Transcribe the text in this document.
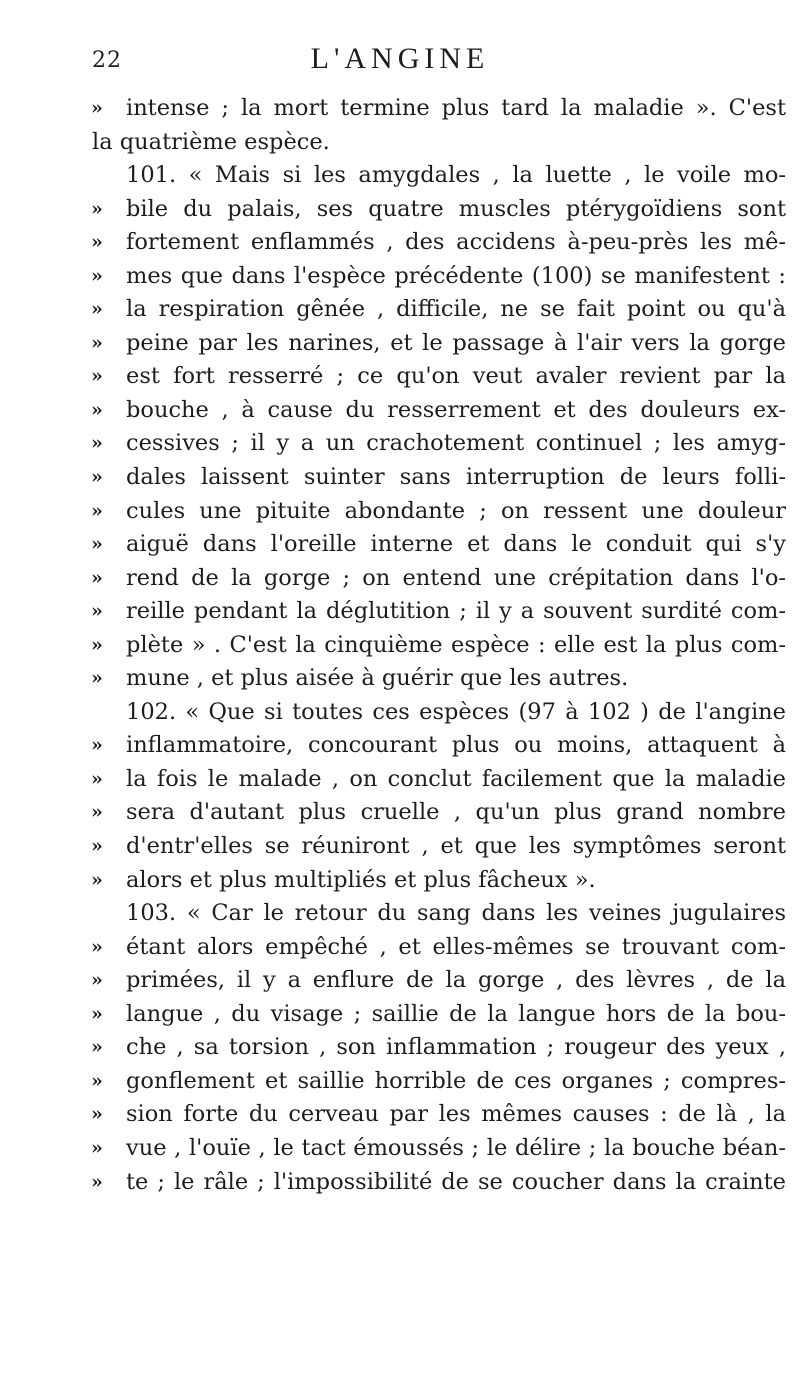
22	L'ANGINE
» intense ; la mort termine plus tard la maladie ». C'est
la quatrième espèce.
101. « Mais si les amygdales , la luette , le voile mo-
» bile du palais, ses quatre muscles ptérygoïdiens sont
» fortement enflammés , des accidens à-peu-près les mê-
» mes que dans l'espèce précédente (100) se manifestent :
» la respiration gênée , difficile, ne se fait point ou qu'à
» peine par les narines, et le passage à l'air vers la gorge
» est fort resserré ; ce qu'on veut avaler revient par la
» bouche , à cause du resserrement et des douleurs ex-
» cessives ; il y a un crachotement continuel ; les amyg-
» dales laissent suinter sans interruption de leurs folli-
» cules une pituite abondante ; on ressent une douleur
» aiguë dans l'oreille interne et dans le conduit qui s'y
» rend de la gorge ; on entend une crépitation dans l'o-
» reille pendant la déglutition ; il y a souvent surdité com-
» plète » . C'est la cinquième espèce : elle est la plus com-
» mune , et plus aisée à guérir que les autres.
102. « Que si toutes ces espèces (97 à 102 ) de l'angine
» inflammatoire, concourant plus ou moins, attaquent à
» la fois le malade , on conclut facilement que la maladie
» sera d'autant plus cruelle , qu'un plus grand nombre
» d'entr'elles se réuniront , et que les symptômes seront
» alors et plus multipliés et plus fâcheux ».
103. « Car le retour du sang dans les veines jugulaires
» étant alors empêché , et elles-mêmes se trouvant com-
» primées, il y a enflure de la gorge , des lèvres , de la
» langue , du visage ; saillie de la langue hors de la bou-
» che , sa torsion , son inflammation ; rougeur des yeux ,
» gonflement et saillie horrible de ces organes ; compres-
» sion forte du cerveau par les mêmes causes : de là , la
» vue , l'ouïe , le tact émoussés ; le délire ; la bouche béan-
» te ; le râle ; l'impossibilité de se coucher dans la crainte
